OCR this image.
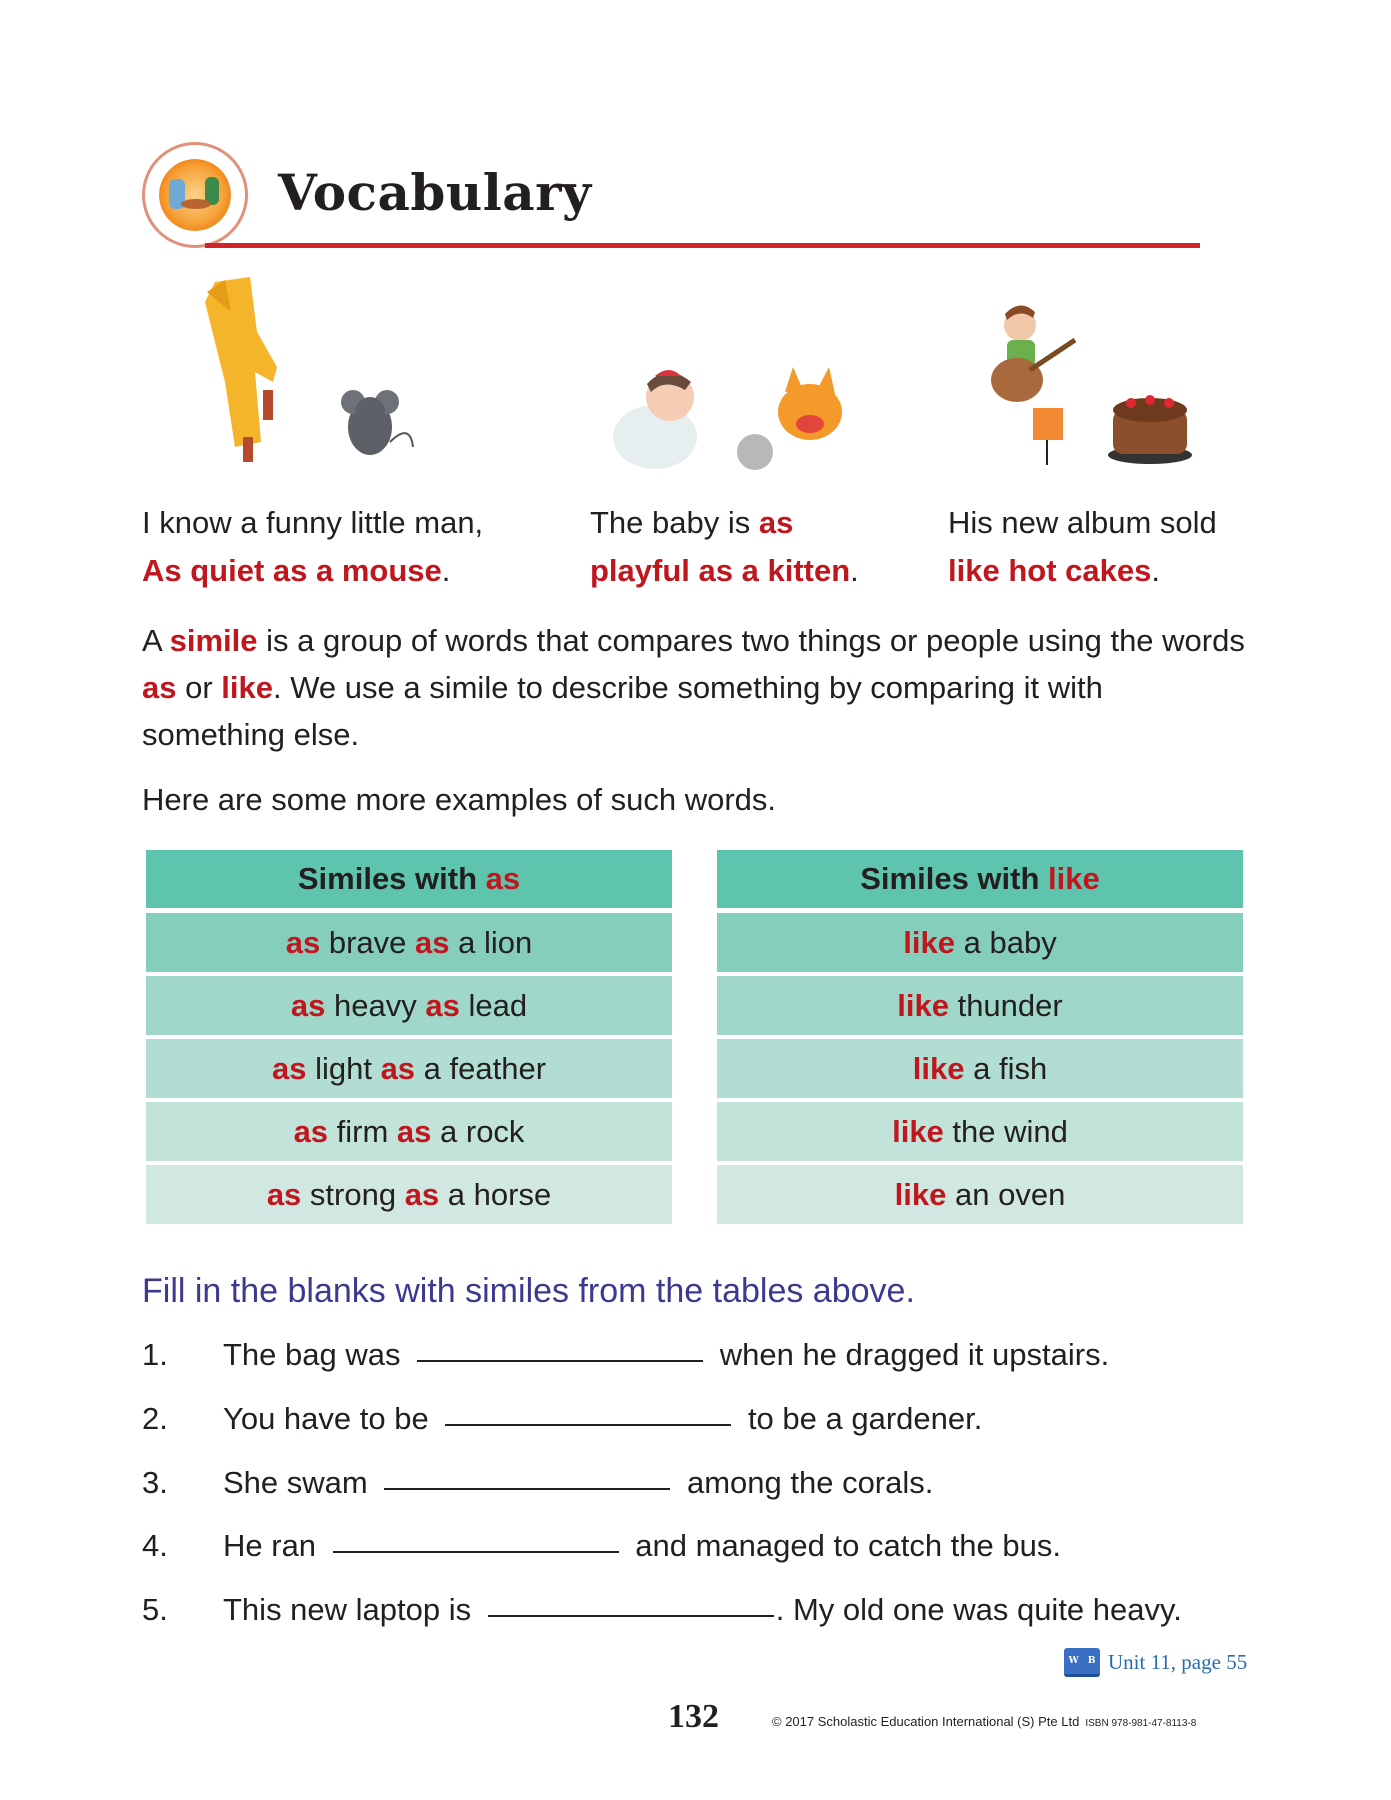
Vocabulary
I know a funny little man,
As quiet as a mouse.
The baby is as
playful as a kitten.
His new album sold
like hot cakes.
A simile is a group of words that compares two things or people using the words as or like. We use a simile to describe something by comparing it with something else.
Here are some more examples of such words.
Similes with as
as brave as a lion
as heavy as lead
as light as a feather
as firm as a rock
as strong as a horse
Similes with like
like a baby
like thunder
like a fish
like the wind
like an oven
Fill in the blanks with similes from the tables above.
1.	The bag was	when he dragged it upstairs.
2.	You have to be	to be a gardener.
3.	She swam	among the corals.
4.	He ran	and managed to catch the bus.
5.	This new laptop is	. My old one was quite heavy.
W B Unit 11, page 55
132	© 2017 Scholastic Education International (S) Pte Ltd ISBN 978-981-47-8113-8
